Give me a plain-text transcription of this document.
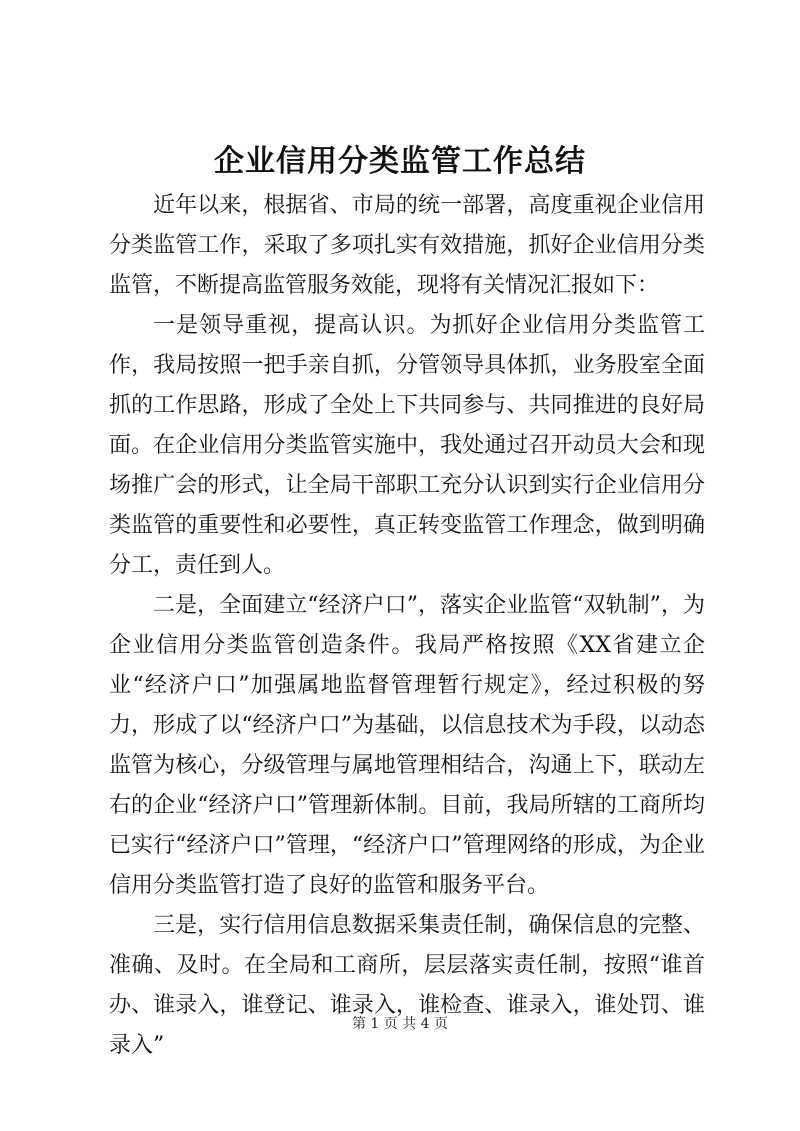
企业信用分类监管工作总结

近年以来，根据省、市局的统一部署，高度重视企业信用分类监管工作，采取了多项扎实有效措施，抓好企业信用分类监管，不断提高监管服务效能，现将有关情况汇报如下：

一是领导重视，提高认识。为抓好企业信用分类监管工作，我局按照一把手亲自抓，分管领导具体抓，业务股室全面抓的工作思路，形成了全处上下共同参与、共同推进的良好局面。在企业信用分类监管实施中，我处通过召开动员大会和现场推广会的形式，让全局干部职工充分认识到实行企业信用分类监管的重要性和必要性，真正转变监管工作理念，做到明确分工，责任到人。

二是，全面建立“经济户口”，落实企业监管“双轨制”，为企业信用分类监管创造条件。我局严格按照《XX省建立企业“经济户口”加强属地监督管理暂行规定》，经过积极的努力，形成了以“经济户口”为基础，以信息技术为手段，以动态监管为核心，分级管理与属地管理相结合，沟通上下，联动左右的企业“经济户口”管理新体制。目前，我局所辖的工商所均已实行“经济户口”管理，“经济户口”管理网络的形成，为企业信用分类监管打造了良好的监管和服务平台。

三是，实行信用信息数据采集责任制，确保信息的完整、准确、及时。在全局和工商所，层层落实责任制，按照“谁首办、谁录入，谁登记、谁录入，谁检查、谁录入，谁处罚、谁录入”

第 1 页 共 4 页
